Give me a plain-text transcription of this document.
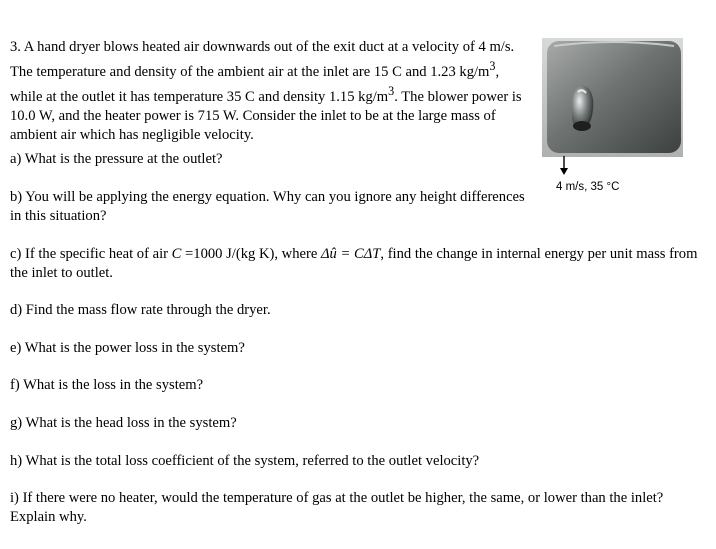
3. A hand dryer blows heated air downwards out of the exit duct at a velocity of 4 m/s. The temperature and density of the ambient air at the inlet are 15 C and 1.23 $kg/m^3$, while at the outlet it has temperature 35 C and density 1.15 $kg/m^3$. The blower power is 10.0 W, and the heater power is 715 W. Consider the inlet to be at the large mass of ambient air which has negligible velocity.

a) What is the pressure at the outlet?

b) You will be applying the energy equation. Why can you ignore any height differences in this situation?

c) If the specific heat of air C =1000 J/(kg K), where Δû = CΔT, find the change in internal energy per unit mass from the inlet to outlet.

d) Find the mass flow rate through the dryer.

e) What is the power loss in the system?

f) What is the loss in the system?

g) What is the head loss in the system?

h) What is the total loss coefficient of the system, referred to the outlet velocity?

i) If there were no heater, would the temperature of gas at the outlet be higher, the same, or lower than the inlet? Explain why.

4 m/s, 35 °C
